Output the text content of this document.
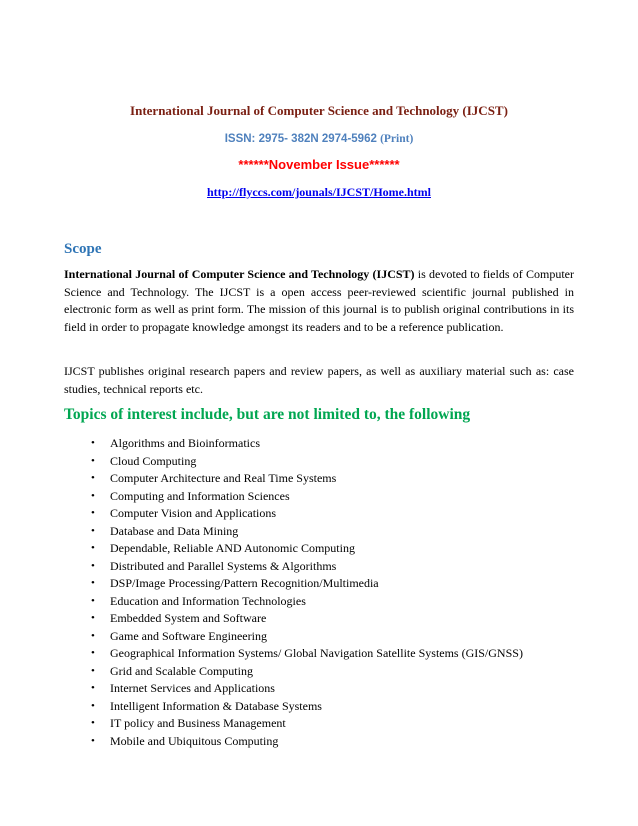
International Journal of Computer Science and Technology (IJCST)
ISSN: 2975- 382N 2974-5962 (Print)
******November Issue******
http://flyccs.com/jounals/IJCST/Home.html
Scope

International Journal of Computer Science and Technology (IJCST) is devoted to fields of Computer Science and Technology. The IJCST is a open access peer-reviewed scientific journal published in electronic form as well as print form. The mission of this journal is to publish original contributions in its field in order to propagate knowledge amongst its readers and to be a reference publication.

IJCST publishes original research papers and review papers, as well as auxiliary material such as: case studies, technical reports etc.

Topics of interest include, but are not limited to, the following
• Algorithms and Bioinformatics
• Cloud Computing
• Computer Architecture and Real Time Systems
• Computing and Information Sciences
• Computer Vision and Applications
• Database and Data Mining
• Dependable, Reliable AND Autonomic Computing
• Distributed and Parallel Systems & Algorithms
• DSP/Image Processing/Pattern Recognition/Multimedia
• Education and Information Technologies
• Embedded System and Software
• Game and Software Engineering
• Geographical Information Systems/ Global Navigation Satellite Systems (GIS/GNSS)
• Grid and Scalable Computing
• Internet Services and Applications
• Intelligent Information & Database Systems
• IT policy and Business Management
• Mobile and Ubiquitous Computing
